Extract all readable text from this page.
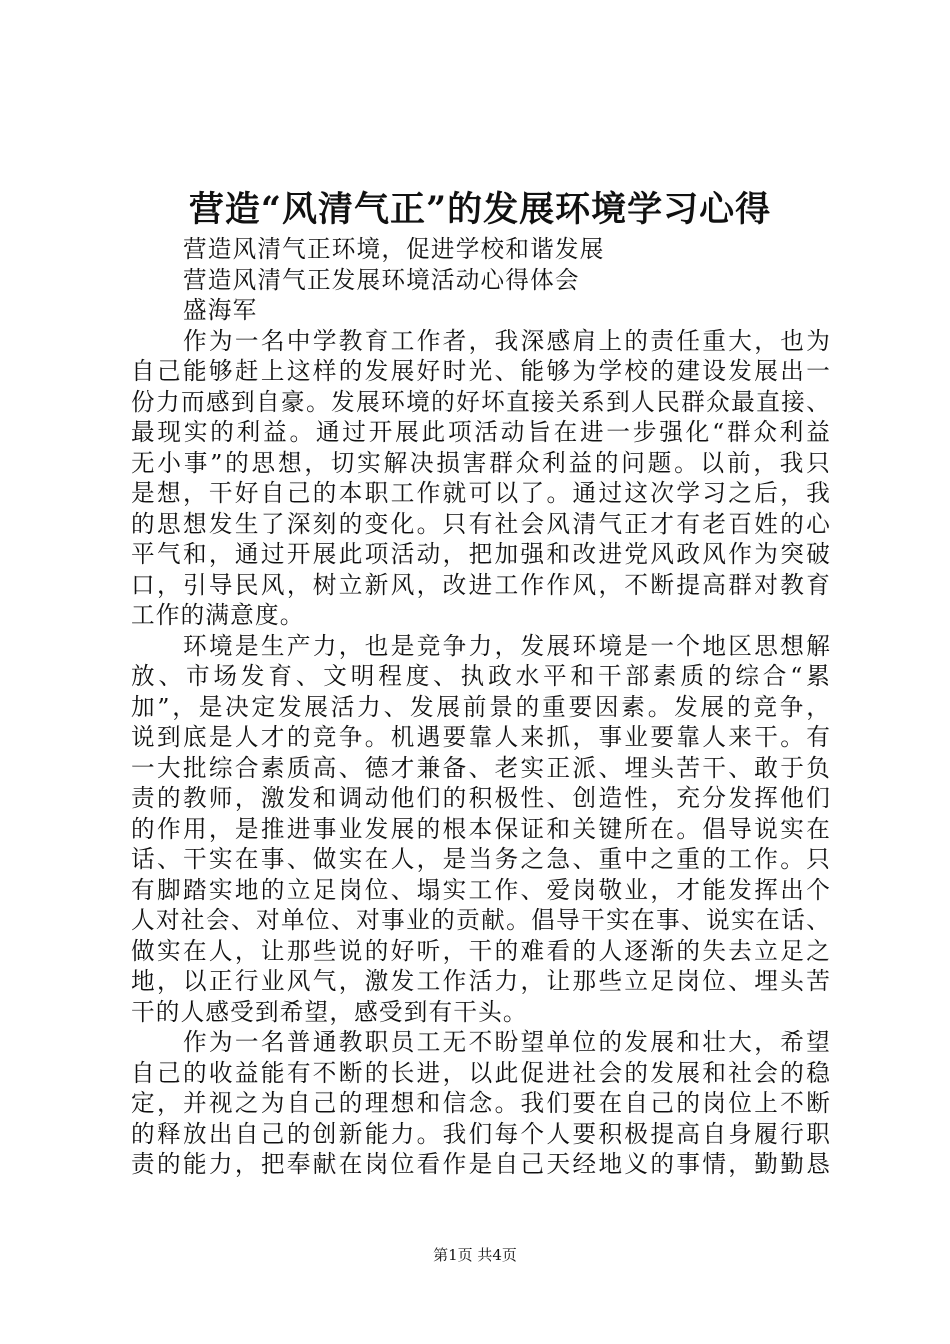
营造“风清气正”的发展环境学习心得
营造风清气正环境，促进学校和谐发展
营造风清气正发展环境活动心得体会
盛海军
作为一名中学教育工作者，我深感肩上的责任重大，也为
自己能够赶上这样的发展好时光、能够为学校的建设发展出一
份力而感到自豪。发展环境的好坏直接关系到人民群众最直接、
最现实的利益。通过开展此项活动旨在进一步强化“群众利益
无小事”的思想，切实解决损害群众利益的问题。以前，我只
是想，干好自己的本职工作就可以了。通过这次学习之后，我
的思想发生了深刻的变化。只有社会风清气正才有老百姓的心
平气和，通过开展此项活动，把加强和改进党风政风作为突破
口，引导民风，树立新风，改进工作作风，不断提高群对教育
工作的满意度。
环境是生产力，也是竞争力，发展环境是一个地区思想解
放、市场发育、文明程度、执政水平和干部素质的综合“累
加”，是决定发展活力、发展前景的重要因素。发展的竞争，
说到底是人才的竞争。机遇要靠人来抓，事业要靠人来干。有
一大批综合素质高、德才兼备、老实正派、埋头苦干、敢于负
责的教师，激发和调动他们的积极性、创造性，充分发挥他们
的作用，是推进事业发展的根本保证和关键所在。倡导说实在
话、干实在事、做实在人，是当务之急、重中之重的工作。只
有脚踏实地的立足岗位、塌实工作、爱岗敬业，才能发挥出个
人对社会、对单位、对事业的贡献。倡导干实在事、说实在话、
做实在人，让那些说的好听，干的难看的人逐渐的失去立足之
地，以正行业风气，激发工作活力，让那些立足岗位、埋头苦
干的人感受到希望，感受到有干头。
作为一名普通教职员工无不盼望单位的发展和壮大，希望
自己的收益能有不断的长进，以此促进社会的发展和社会的稳
定，并视之为自己的理想和信念。我们要在自己的岗位上不断
的释放出自己的创新能力。我们每个人要积极提高自身履行职
责的能力，把奉献在岗位看作是自己天经地义的事情，勤勤恳
第1页 共4页
